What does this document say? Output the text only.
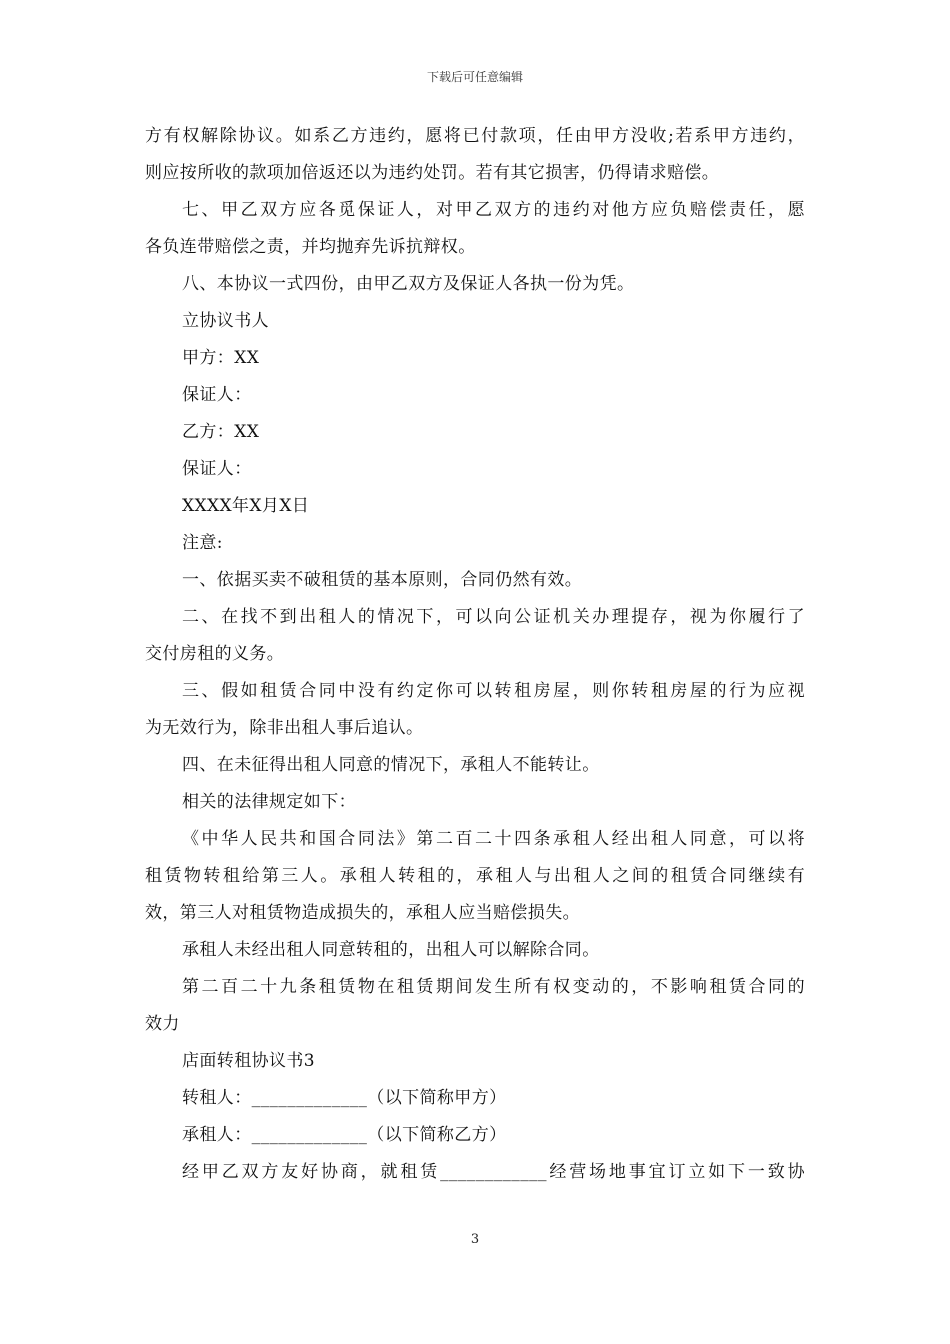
下载后可任意编辑
方有权解除协议。如系乙方违约，愿将已付款项，任由甲方没收;若系甲方违约，
则应按所收的款项加倍返还以为违约处罚。若有其它损害，仍得请求赔偿。
七、甲乙双方应各觅保证人，对甲乙双方的违约对他方应负赔偿责任，愿
各负连带赔偿之责，并均抛弃先诉抗辩权。
八、本协议一式四份，由甲乙双方及保证人各执一份为凭。
立协议书人
甲方：XX
保证人：
乙方：XX
保证人：
XXXX年X月X日
注意:
一、依据买卖不破租赁的基本原则，合同仍然有效。
二、在找不到出租人的情况下，可以向公证机关办理提存，视为你履行了
交付房租的义务。
三、假如租赁合同中没有约定你可以转租房屋，则你转租房屋的行为应视
为无效行为，除非出租人事后追认。
四、在未征得出租人同意的情况下，承租人不能转让。
相关的法律规定如下：
《中华人民共和国合同法》第二百二十四条承租人经出租人同意，可以将
租赁物转租给第三人。承租人转租的，承租人与出租人之间的租赁合同继续有
效，第三人对租赁物造成损失的，承租人应当赔偿损失。
承租人未经出租人同意转租的，出租人可以解除合同。
第二百二十九条租赁物在租赁期间发生所有权变动的，不影响租赁合同的
效力
店面转租协议书3
转租人：_____________（以下简称甲方）
承租人：_____________（以下简称乙方）
经甲乙双方友好协商，就租赁____________经营场地事宜订立如下一致协
3
